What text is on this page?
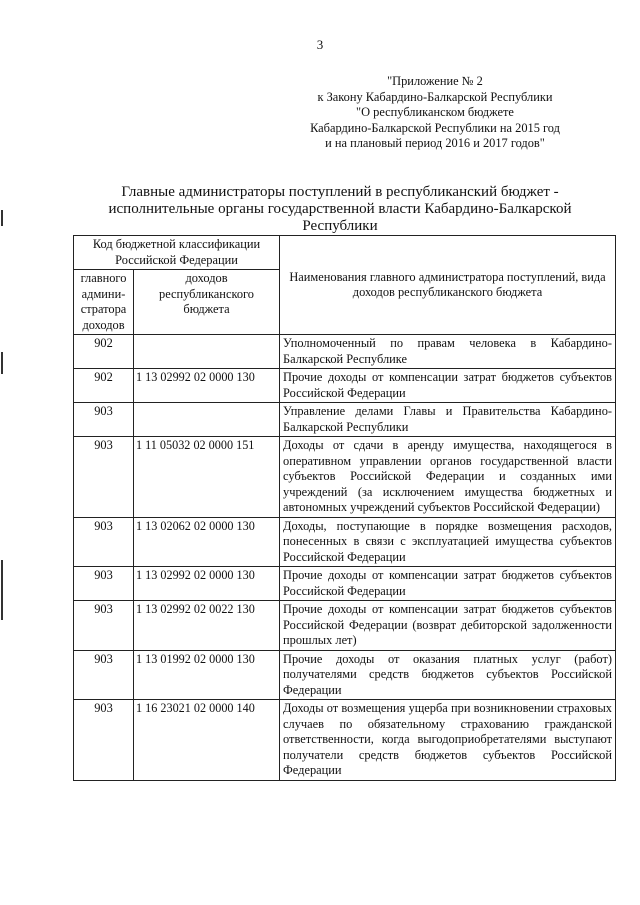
3
"Приложение № 2
к Закону Кабардино-Балкарской Республики
"О республиканском бюджете
Кабардино-Балкарской Республики на 2015 год
и на плановый период 2016 и 2017 годов"
Главные администраторы поступлений в республиканский бюджет -
исполнительные органы государственной власти Кабардино-Балкарской
Республики
Код бюджетной классификации Российской Федерации		Наименования главного администратора поступлений, вида доходов республиканского бюджета
главного админи-стратора доходов	доходов республиканского бюджета	
902		Уполномоченный по правам человека в Кабардино-Балкарской Республике
902	1 13 02992 02 0000 130	Прочие доходы от компенсации затрат бюджетов субъектов Российской Федерации
903		Управление делами Главы и Правительства Кабардино-Балкарской Республики
903	1 11 05032 02 0000 151	Доходы от сдачи в аренду имущества, находящегося в оперативном управлении органов государственной власти субъектов Российской Федерации и созданных ими учреждений (за исключением имущества бюджетных и автономных учреждений субъектов Российской Федерации)
903	1 13 02062 02 0000 130	Доходы, поступающие в порядке возмещения расходов, понесенных в связи с эксплуатацией имущества субъектов Российской Федерации
903	1 13 02992 02 0000 130	Прочие доходы от компенсации затрат бюджетов субъектов Российской Федерации
903	1 13 02992 02 0022 130	Прочие доходы от компенсации затрат бюджетов субъектов Российской Федерации (возврат дебиторской задолженности прошлых лет)
903	1 13 01992 02 0000 130	Прочие доходы от оказания платных услуг (работ) получателями средств бюджетов субъектов Российской Федерации
903	1 16 23021 02 0000 140	Доходы от возмещения ущерба при возникновении страховых случаев по обязательному страхованию гражданской ответственности, когда выгодоприобретателями выступают получатели средств бюджетов субъектов Российской Федерации
